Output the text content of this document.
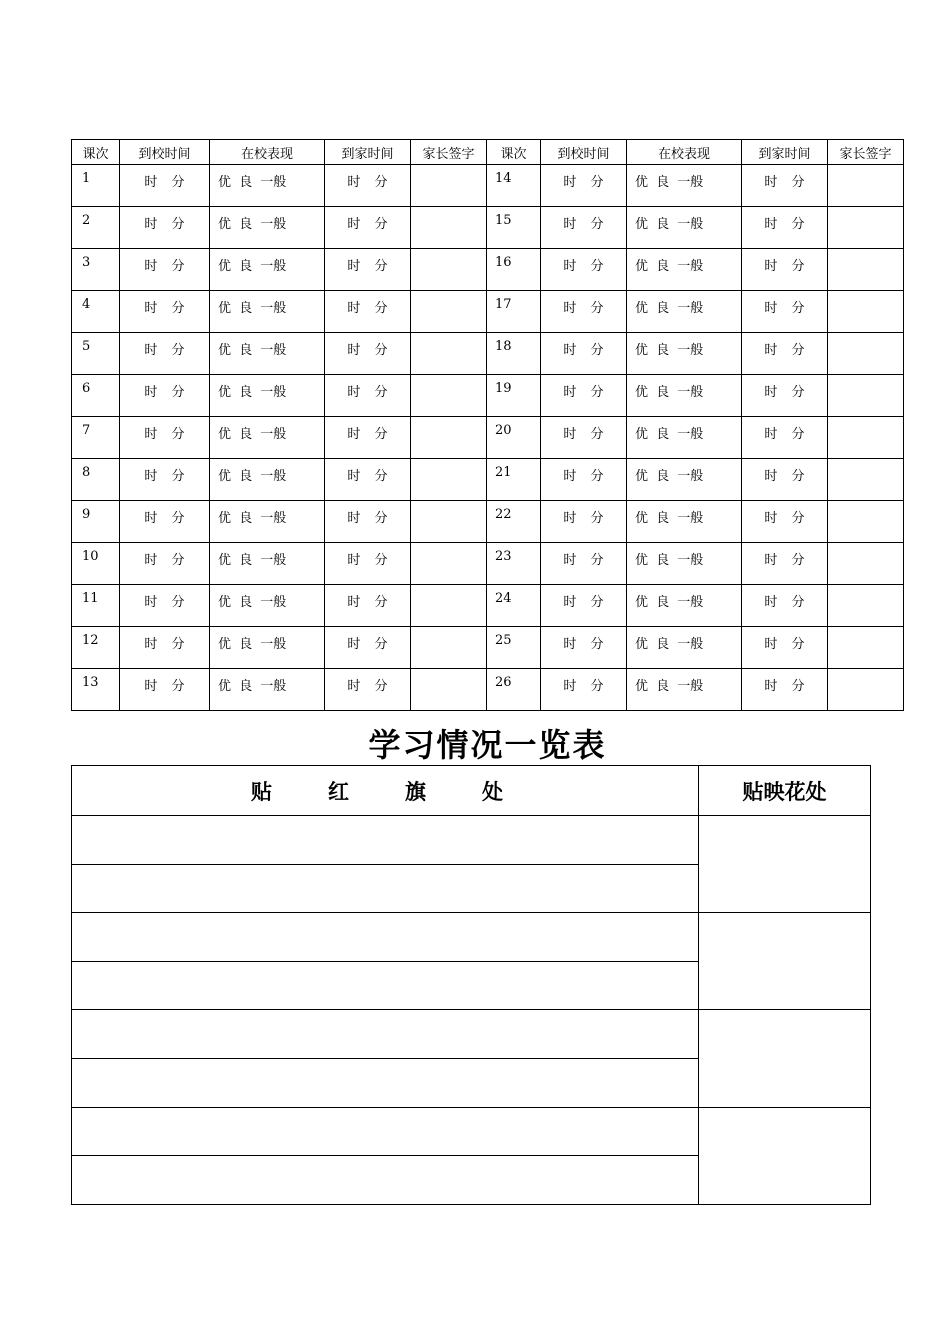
课次	到校时间	在校表现	到家时间	家长签字	课次	到校时间	在校表现	到家时间	家长签字

1	时 分	优 良 一般	时 分		14	时 分	优 良 一般	时 分	

2	时 分	优 良 一般	时 分		15	时 分	优 良 一般	时 分	

3	时 分	优 良 一般	时 分		16	时 分	优 良 一般	时 分	

4	时 分	优 良 一般	时 分		17	时 分	优 良 一般	时 分	

5	时 分	优 良 一般	时 分		18	时 分	优 良 一般	时 分	

6	时 分	优 良 一般	时 分		19	时 分	优 良 一般	时 分	

7	时 分	优 良 一般	时 分		20	时 分	优 良 一般	时 分	

8	时 分	优 良 一般	时 分		21	时 分	优 良 一般	时 分	

9	时 分	优 良 一般	时 分		22	时 分	优 良 一般	时 分	

10	时 分	优 良 一般	时 分		23	时 分	优 良 一般	时 分	

11	时 分	优 良 一般	时 分		24	时 分	优 良 一般	时 分	

12	时 分	优 良 一般	时 分		25	时 分	优 良 一般	时 分	

13	时 分	优 良 一般	时 分		26	时 分	优 良 一般	时 分	

学习情况一览表
贴红旗处	贴映花处
